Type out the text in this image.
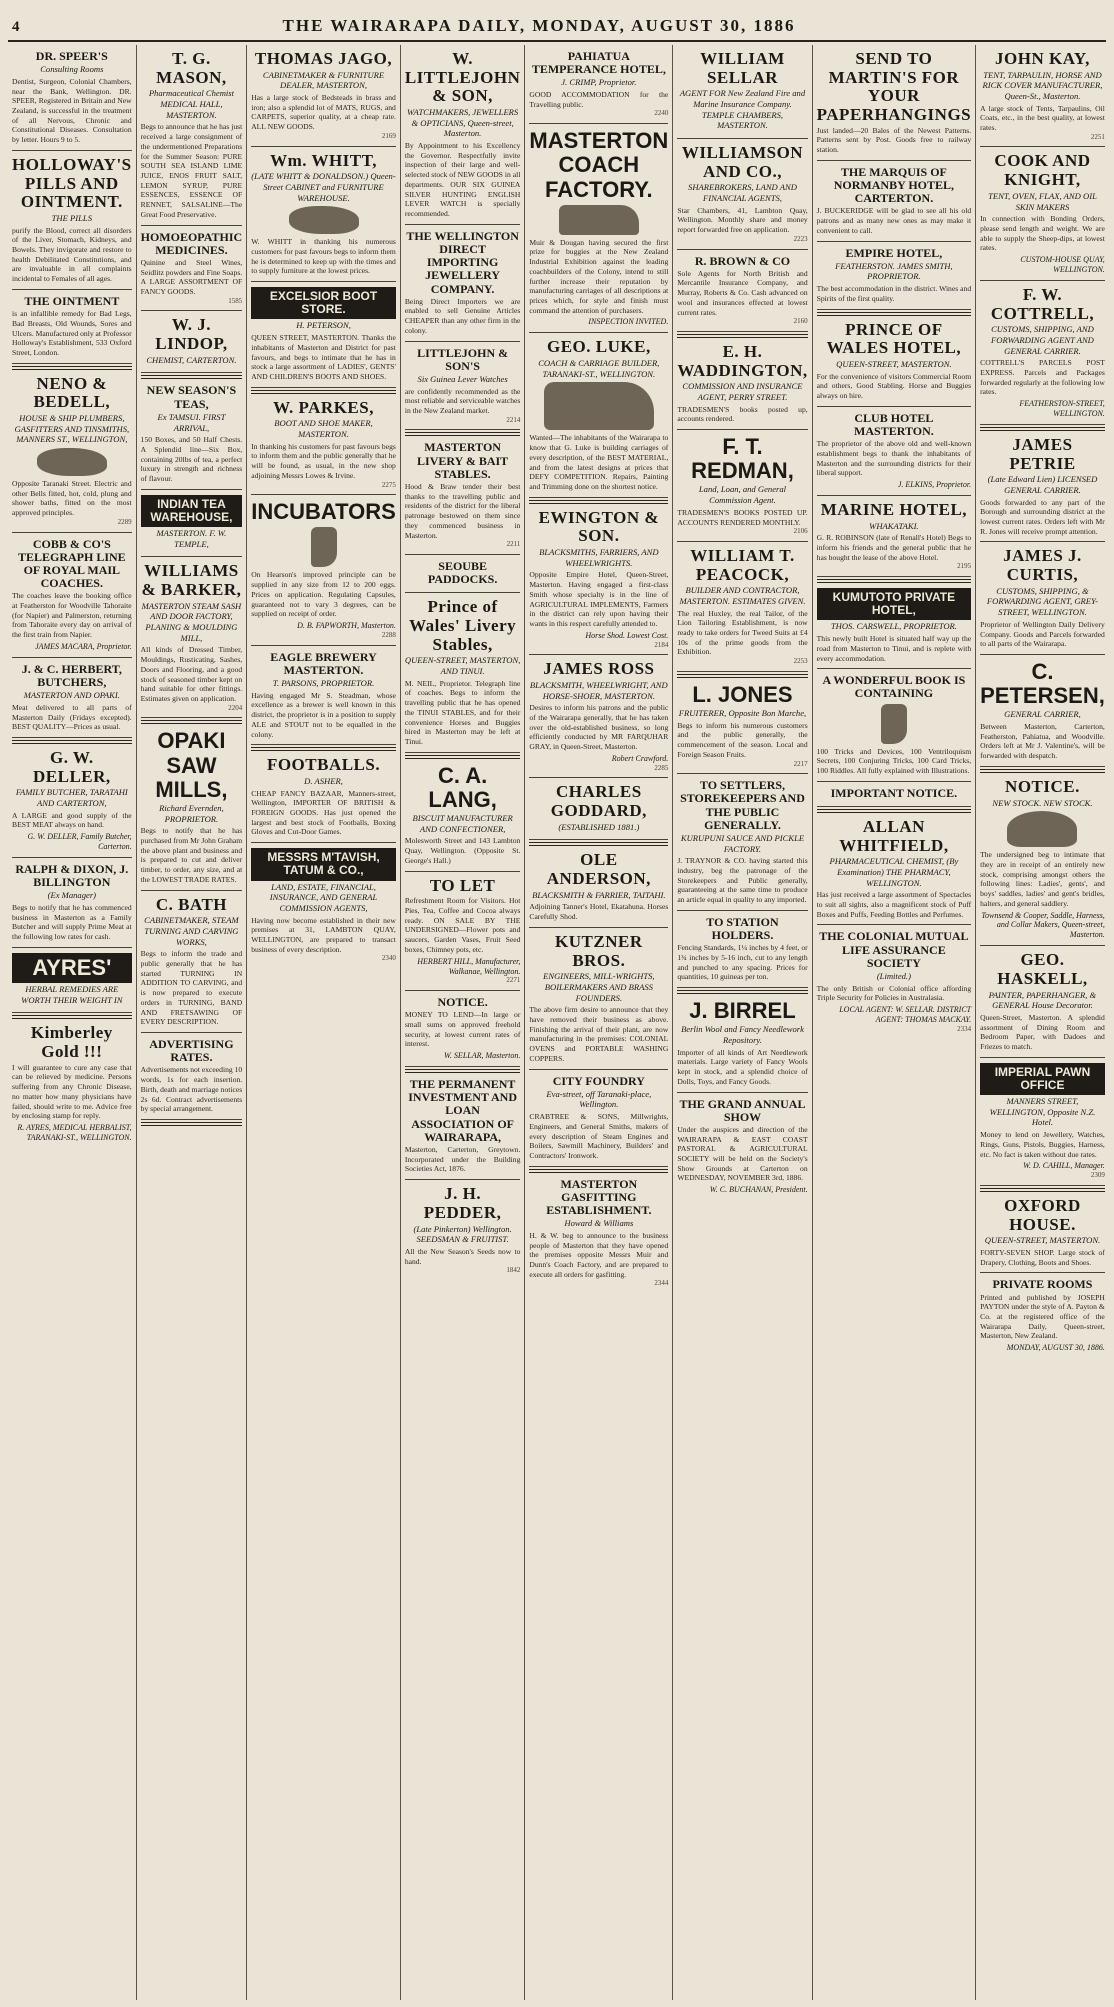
4	THE WAIRARAPA DAILY, MONDAY, AUGUST 30, 1886
DR. SPEER'S
Consulting Rooms
Dentist, Surgeon, Colonial Chambers, near the Bank, Wellington. DR. SPEER, Registered in Britain and New Zealand, is successful in the treatment of all Nervous, Chronic and Constitutional Diseases. Consultation by letter. Hours 9 to 5.
HOLLOWAY'S PILLS AND OINTMENT.
THE PILLS
purify the Blood, correct all disorders of the Liver, Stomach, Kidneys, and Bowels. They invigorate and restore to health Debilitated Constitutions, and are invaluable in all complaints incidental to Females of all ages.
THE OINTMENT
is an infallible remedy for Bad Legs, Bad Breasts, Old Wounds, Sores and Ulcers. Manufactured only at Professor Holloway's Establishment, 533 Oxford Street, London.
NENO & BEDELL,
HOUSE & SHIP PLUMBERS, GASFITTERS AND TINSMITHS, MANNERS ST., WELLINGTON,
Opposite Taranaki Street. Electric and other Bells fitted, hot, cold, plung and shower baths, fitted on the most approved principles.
2289
COBB & CO'S TELEGRAPH LINE OF ROYAL MAIL COACHES.
The coaches leave the booking office at Featherston for Woodville Tahoraite (for Napier) and Palmerston, returning from Tahoraite every day on arrival of the first train from Napier.
JAMES MACARA, Proprietor.
J. & C. HERBERT, BUTCHERS,
MASTERTON AND OPAKI.
Meat delivered to all parts of Masterton Daily (Fridays excepted). BEST QUALITY—Prices as usual.
G. W. DELLER,
FAMILY BUTCHER, TARATAHI AND CARTERTON,
A LARGE and good supply of the BEST MEAT always on hand.
G. W. DELLER, Family Butcher, Carterton.
RALPH & DIXON, J. BILLINGTON
(Ex Manager)
Begs to notify that he has commenced business in Masterton as a Family Butcher and will supply Prime Meat at the following low rates for cash.
AYRES'
HERBAL REMEDIES ARE WORTH THEIR WEIGHT IN
Kimberley Gold !!!
I will guarantee to cure any case that can be relieved by medicine. Persons suffering from any Chronic Disease, no matter how many physicians have failed, should write to me. Advice free by enclosing stamp for reply.
R. AYRES, MEDICAL HERBALIST, TARANAKI-ST., WELLINGTON.
T. G. MASON,
Pharmaceutical Chemist MEDICAL HALL, MASTERTON.
Begs to announce that he has just received a large consignment of the undermentioned Preparations for the Summer Season: PURE SOUTH SEA ISLAND LIME JUICE, ENOS FRUIT SALT, LEMON SYRUP, PURE ESSENCES, ESSENCE OF RENNET, SALSALINE—The Great Food Preservative.
HOMOEOPATHIC MEDICINES.
Quinine and Steel Wines, Seidlitz powders and Fine Soaps. A LARGE ASSORTMENT OF FANCY GOODS.
1585
W. J. LINDOP,
CHEMIST, CARTERTON.
NEW SEASON'S TEAS,
Ex TAMSUI. FIRST ARRIVAL,
150 Boxes, and 50 Half Chests. A Splendid line—Six Box, containing 20lbs of tea, a perfect luxury in strength and richness of flavour.
INDIAN TEA WAREHOUSE,
MASTERTON. F. W. TEMPLE,
WILLIAMS & BARKER,
MASTERTON STEAM SASH AND DOOR FACTORY, PLANING & MOULDING MILL,
All kinds of Dressed Timber, Mouldings, Rusticating, Sashes, Doors and Flooring, and a good stock of seasoned timber kept on hand suitable for other fittings. Estimates given on application.
2204
OPAKI SAW MILLS,
Richard Evernden, PROPRIETOR.
Begs to notify that he has purchased from Mr John Graham the above plant and business and is prepared to cut and deliver timber, to order, any size, and at the LOWEST TRADE RATES.
C. BATH
CABINETMAKER, STEAM TURNING AND CARVING WORKS,
Begs to inform the trade and public generally that he has started TURNING IN ADDITION TO CARVING, and is now prepared to execute orders in TURNING, BAND AND FRETSAWING OF EVERY DESCRIPTION.
ADVERTISING RATES.
Advertisements not exceeding 10 words, 1s for each insertion. Birth, death and marriage notices 2s 6d. Contract advertisements by special arrangement.
THOMAS JAGO,
CABINETMAKER & FURNITURE DEALER, MASTERTON,
Has a large stock of Bedsteads in brass and iron; also a splendid lot of MATS, RUGS, and CARPETS, superior quality, at a cheap rate. ALL NEW GOODS.
2169
Wm. WHITT,
(LATE WHITT & DONALDSON.) Queen-Street CABINET and FURNITURE WAREHOUSE.
W. WHITT in thanking his numerous customers for past favours begs to inform them he is determined to keep up with the times and to supply furniture at the lowest prices.
EXCELSIOR BOOT STORE.
H. PETERSON,
QUEEN STREET, MASTERTON. Thanks the inhabitants of Masterton and District for past favours, and begs to intimate that he has in stock a large assortment of LADIES', GENTS' AND CHILDREN'S BOOTS AND SHOES.
W. PARKES,
BOOT AND SHOE MAKER, MASTERTON.
In thanking his customers for past favours begs to inform them and the public generally that he will be found, as usual, in the new shop adjoining Messrs Lowes & Irvine.
2275
INCUBATORS
On Hearson's improved principle can be supplied in any size from 12 to 200 eggs. Prices on application. Regulating Capsules, guaranteed not to vary 3 degrees, can be supplied on receipt of order.
D. B. FAPWORTH, Masterton.
2288
EAGLE BREWERY MASTERTON.
T. PARSONS, PROPRIETOR.
Having engaged Mr S. Steadman, whose excellence as a brewer is well known in this district, the proprietor is in a position to supply ALE and STOUT not to be equalled in the colony.
FOOTBALLS.
D. ASHER,
CHEAP FANCY BAZAAR, Manners-street, Wellington, IMPORTER OF BRITISH & FOREIGN GOODS. Has just opened the largest and best stock of Footballs, Boxing Gloves and Cut-Door Games.
MESSRS M'TAVISH, TATUM & CO.,
LAND, ESTATE, FINANCIAL, INSURANCE, AND GENERAL COMMISSION AGENTS,
Having now become established in their new premises at 31, LAMBTON QUAY, WELLINGTON, are prepared to transact business of every description.
2340
W. LITTLEJOHN & SON,
WATCHMAKERS, JEWELLERS & OPTICIANS, Queen-street, Masterton.
By Appointment to his Excellency the Governor. Respectfully invite inspection of their large and well-selected stock of NEW GOODS in all departments. OUR SIX GUINEA SILVER HUNTING ENGLISH LEVER WATCH is specially recommended.
THE WELLINGTON DIRECT IMPORTING JEWELLERY COMPANY.
Being Direct Importers we are enabled to sell Genuine Articles CHEAPER than any other firm in the colony.
LITTLEJOHN & SON'S
Six Guinea Lever Watches
are confidently recommended as the most reliable and serviceable watches in the New Zealand market.
2214
MASTERTON LIVERY & BAIT STABLES.
Hood & Braw tender their best thanks to the travelling public and residents of the district for the liberal patronage bestowed on them since they commenced business in Masterton.
2211
SEOUBE PADDOCKS.
Prince of Wales' Livery Stables,
QUEEN-STREET, MASTERTON, AND TINUI.
M. NEIL, Proprietor. Telegraph line of coaches. Begs to inform the travelling public that he has opened the TINUI STABLES, and for their convenience Horses and Buggies hired in Masterton may be left at Tinui.
C. A. LANG,
BISCUIT MANUFACTURER AND CONFECTIONER,
Molesworth Street and 143 Lambton Quay, Wellington. (Opposite St. George's Hall.)
TO LET
Refreshment Room for Visitors. Hot Pies, Tea, Coffee and Cocoa always ready. ON SALE BY THE UNDERSIGNED—Flower pots and saucers, Garden Vases, Fruit Seed boxes, Chimney pots, etc.
HERBERT HILL, Manufacturer, Walkanae, Wellington.
2271
NOTICE.
MONEY TO LEND—In large or small sums on approved freehold security, at lowest current rates of interest.
W. SELLAR, Masterton.
THE PERMANENT INVESTMENT AND LOAN ASSOCIATION OF WAIRARAPA,
Masterton, Carterton, Greytown. Incorporated under the Building Societies Act, 1876.
J. H. PEDDER,
(Late Pinkerton) Wellington. SEEDSMAN & FRUITIST.
All the New Season's Seeds now to hand.
1842
PAHIATUA TEMPERANCE HOTEL,
J. CRIMP, Proprietor.
GOOD ACCOMMODATION for the Travelling public.
2240
MASTERTON COACH FACTORY.
Muir & Dougan having secured the first prize for buggies at the New Zealand Industrial Exhibition against the leading coachbuilders of the Colony, intend to still further increase their reputation by manufacturing carriages of all descriptions at prices which, for style and finish must command the attention of purchasers.
INSPECTION INVITED.
GEO. LUKE,
COACH & CARRIAGE BUILDER, TARANAKI-ST., WELLINGTON.
Wanted—The inhabitants of the Wairarapa to know that G. Luke is building carriages of every description, of the BEST MATERIAL, and from the latest designs at prices that DEFY COMPETITION. Repairs, Painting and Trimming done on the shortest notice.
EWINGTON & SON.
BLACKSMITHS, FARRIERS, AND WHEELWRIGHTS.
Opposite Empire Hotel, Queen-Street, Masterton. Having engaged a first-class Smith whose specialty is in the line of AGRICULTURAL IMPLEMENTS, Farmers in the district can rely upon having their wants in this respect carefully attended to.
Horse Shod. Lowest Cost.
2184
JAMES ROSS
BLACKSMITH, WHEELWRIGHT, AND HORSE-SHOER, MASTERTON.
Desires to inform his patrons and the public of the Wairarapa generally, that he has taken over the old-established business, so long efficiently conducted by MR FARQUHAR GRAY, in Queen-Street, Masterton.
Robert Crawford.
2285
CHARLES GODDARD,
(ESTABLISHED 1881.)
OLE ANDERSON,
BLACKSMITH & FARRIER, TAITAHI.
Adjoining Tanner's Hotel, Ekatahuna. Horses Carefully Shod.
KUTZNER BROS.
ENGINEERS, MILL-WRIGHTS, BOILERMAKERS AND BRASS FOUNDERS.
The above firm desire to announce that they have removed their business as above. Finishing the arrival of their plant, are now manufacturing in the premises: COLONIAL OVENS and PORTABLE WASHING COPPERS.
CITY FOUNDRY
Eva-street, off Taranaki-place, Wellington.
CRABTREE & SONS, Millwrights, Engineers, and General Smiths, makers of every description of Steam Engines and Boilers, Sawmill Machinery, Builders' and Contractors' Ironwork.
MASTERTON GASFITTING ESTABLISHMENT.
Howard & Williams
H. & W. beg to announce to the business people of Masterton that they have opened the premises opposite Messrs Muir and Dunn's Coach Factory, and are prepared to execute all orders for gasfitting.
2344
WILLIAM SELLAR
AGENT FOR New Zealand Fire and Marine Insurance Company. TEMPLE CHAMBERS, MASTERTON.
WILLIAMSON AND CO.,
SHAREBROKERS, LAND AND FINANCIAL AGENTS,
Star Chambers, 41, Lambton Quay, Wellington. Monthly share and money report forwarded free on application.
2223
R. BROWN & CO
Sole Agents for North British and Mercantile Insurance Company, and Murray, Roberts & Co. Cash advanced on wool and insurances effected at lowest current rates.
2160
E. H. WADDINGTON,
COMMISSION AND INSURANCE AGENT, PERRY STREET.
TRADESMEN'S books posted up, accounts rendered.
F. T. REDMAN,
Land, Loan, and General Commission Agent.
TRADESMEN'S BOOKS POSTED UP. ACCOUNTS RENDERED MONTHLY.
2106
WILLIAM T. PEACOCK,
BUILDER AND CONTRACTOR, MASTERTON. ESTIMATES GIVEN.
The real Huxley, the real Tailor, of the Lion Tailoring Establishment, is now ready to take orders for Tweed Suits at £4 10s of the prime goods from the Exhibition.
2253
L. JONES
FRUITERER, Opposite Bon Marche,
Begs to inform his numerous customers and the public generally, the commencement of the season. Local and Foreign Season Fruits.
2217
TO SETTLERS, STOREKEEPERS AND THE PUBLIC GENERALLY.
KURUPUNI SAUCE AND PICKLE FACTORY.
J. TRAYNOR & CO. having started this industry, beg the patronage of the Storekeepers and Public generally, guaranteeing at the same time to produce an article equal in quality to any imported.
TO STATION HOLDERS.
Fencing Standards, 1¼ inches by 4 feet, or 1¾ inches by 5-16 inch, cut to any length and punched to any spacing. Prices for quantities, 10 guineas per ton.
J. BIRREL
Berlin Wool and Fancy Needlework Repository.
Importer of all kinds of Art Needlework materials. Large variety of Fancy Wools kept in stock, and a splendid choice of Dolls, Toys, and Fancy Goods.
THE GRAND ANNUAL SHOW
Under the auspices and direction of the WAIRARAPA & EAST COAST PASTORAL & AGRICULTURAL SOCIETY will be held on the Society's Show Grounds at Carterton on WEDNESDAY, NOVEMBER 3rd, 1886.
W. C. BUCHANAN, President.
SEND TO MARTIN'S FOR YOUR PAPERHANGINGS
Just landed—20 Bales of the Newest Patterns. Patterns sent by Post. Goods free to railway station.
THE MARQUIS OF NORMANBY HOTEL, CARTERTON.
J. BUCKERIDGE will be glad to see all his old patrons and as many new ones as may make it convenient to call.
EMPIRE HOTEL,
FEATHERSTON. JAMES SMITH, PROPRIETOR.
The best accommodation in the district. Wines and Spirits of the first quality.
PRINCE OF WALES HOTEL,
QUEEN-STREET, MASTERTON.
For the convenience of visitors Commercial Room and others, Good Stabling. Horse and Buggies always on hire.
CLUB HOTEL MASTERTON.
The proprietor of the above old and well-known establishment begs to thank the inhabitants of Masterton and the surrounding districts for their liberal support.
J. ELKINS, Proprietor.
MARINE HOTEL,
WHAKATAKI.
G. R. ROBINSON (late of Renall's Hotel) Begs to inform his friends and the general public that he has bought the lease of the above Hotel.
2195
KUMUTOTO PRIVATE HOTEL,
THOS. CARSWELL, PROPRIETOR.
This newly built Hotel is situated half way up the road from Masterton to Tinui, and is replete with every accommodation.
A WONDERFUL BOOK IS CONTAINING
100 Tricks and Devices, 100 Ventriloquism Secrets, 100 Conjuring Tricks, 100 Card Tricks, 100 Riddles. All fully explained with Illustrations.
IMPORTANT NOTICE.
ALLAN WHITFIELD,
PHARMACEUTICAL CHEMIST, (By Examination) THE PHARMACY, WELLINGTON.
Has just received a large assortment of Spectacles to suit all sights, also a magnificent stock of Puff Boxes and Puffs, Feeding Bottles and Perfumes.
THE COLONIAL MUTUAL LIFE ASSURANCE SOCIETY
(Limited.)
The only British or Colonial office affording Triple Security for Policies in Australasia.
LOCAL AGENT: W. SELLAR. DISTRICT AGENT: THOMAS MACKAY.
2334
JOHN KAY,
TENT, TARPAULIN, HORSE AND RICK COVER MANUFACTURER, Queen-St., Masterton.
A large stock of Tents, Tarpaulins, Oil Coats, etc., in the best quality, at lowest rates.
2251
COOK AND KNIGHT,
TENT, OVEN, FLAX, AND OIL SKIN MAKERS
In connection with Bonding Orders, please send length and weight. We are able to supply the Sheep-dips, at lowest rates.
CUSTOM-HOUSE QUAY, WELLINGTON.
F. W. COTTRELL,
CUSTOMS, SHIPPING, AND FORWARDING AGENT AND GENERAL CARRIER.
COTTRELL'S PARCELS POST EXPRESS. Parcels and Packages forwarded regularly at the following low rates.
FEATHERSTON-STREET, WELLINGTON.
JAMES PETRIE
(Late Edward Lien) LICENSED GENERAL CARRIER.
Goods forwarded to any part of the Borough and surrounding district at the lowest current rates. Orders left with Mr R. Jones will receive prompt attention.
JAMES J. CURTIS,
CUSTOMS, SHIPPING, & FORWARDING AGENT, GREY-STREET, WELLINGTON.
Proprietor of Wellington Daily Delivery Company. Goods and Parcels forwarded to all parts of the Wairarapa.
C. PETERSEN,
GENERAL CARRIER,
Between Masterton, Carterton, Featherston, Pahiatua, and Woodville. Orders left at Mr J. Valentine's, will be forwarded with despatch.
NOTICE.
NEW STOCK. NEW STOCK.
The undersigned beg to intimate that they are in receipt of an entirely new stock, comprising amongst others the following lines: Ladies', gents', and boys' saddles, ladies' and gent's bridles, halters, and general saddlery.
Townsend & Cooper, Saddle, Harness, and Collar Makers, Queen-street, Masterton.
GEO. HASKELL,
PAINTER, PAPERHANGER, & GENERAL House Decorator.
Queen-Street, Masterton. A splendid assortment of Dining Room and Bedroom Paper, with Dadoes and Friezes to match.
IMPERIAL PAWN OFFICE
MANNERS STREET, WELLINGTON, Opposite N.Z. Hotel.
Money to lend on Jewellery, Watches, Rings, Guns, Pistols, Buggies, Harness, etc. No fact is taken without due rates.
W. D. CAHILL, Manager.
2309
OXFORD HOUSE.
QUEEN-STREET, MASTERTON.
FORTY-SEVEN SHOP. Large stock of Drapery, Clothing, Boots and Shoes.
PRIVATE ROOMS
Printed and published by JOSEPH PAYTON under the style of A. Payton & Co. at the registered office of the Wairarapa Daily, Queen-street, Masterton, New Zealand.
MONDAY, AUGUST 30, 1886.
